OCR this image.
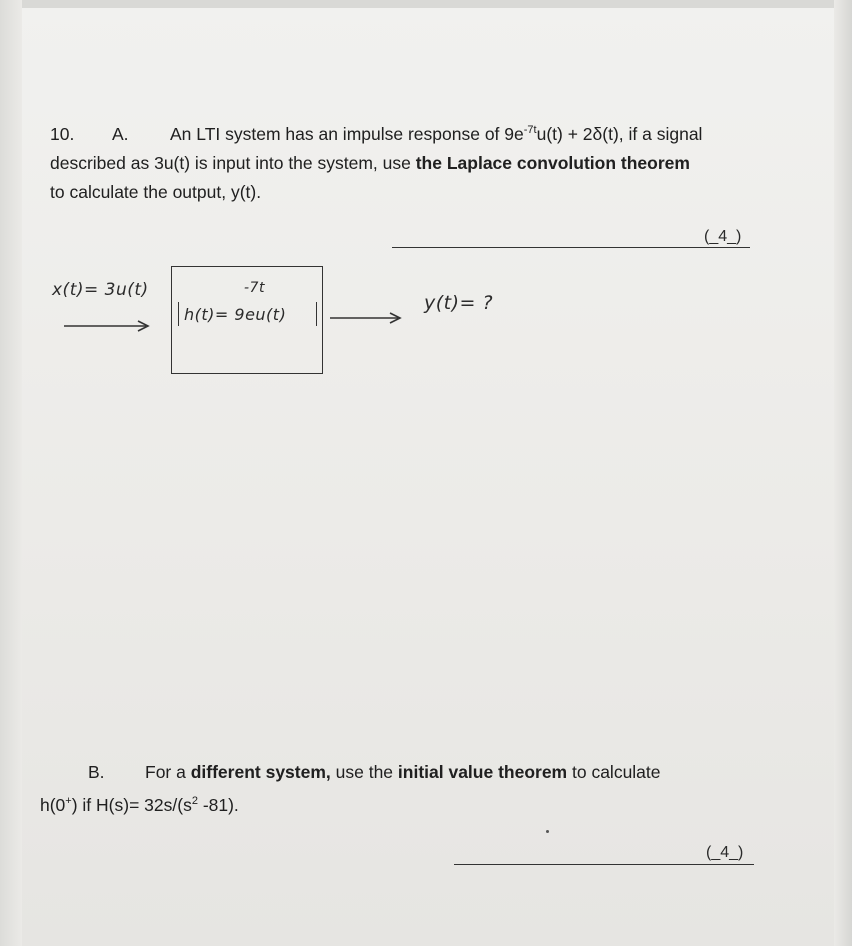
10. A. An LTI system has an impulse response of $9e^{-7t}u(t) + 2\delta(t)$, if a signal
described as 3u(t) is input into the system, use the Laplace convolution theorem
to calculate the output, y(t).
(_4_)
x(t)= 3u(t)	-7t
h(t)= 9eu(t)
y(t)= ?
B. For a different system, use the initial value theorem to calculate
h(0+) if $H(s)= 32s/(s^2$ -81).
(_4_)
